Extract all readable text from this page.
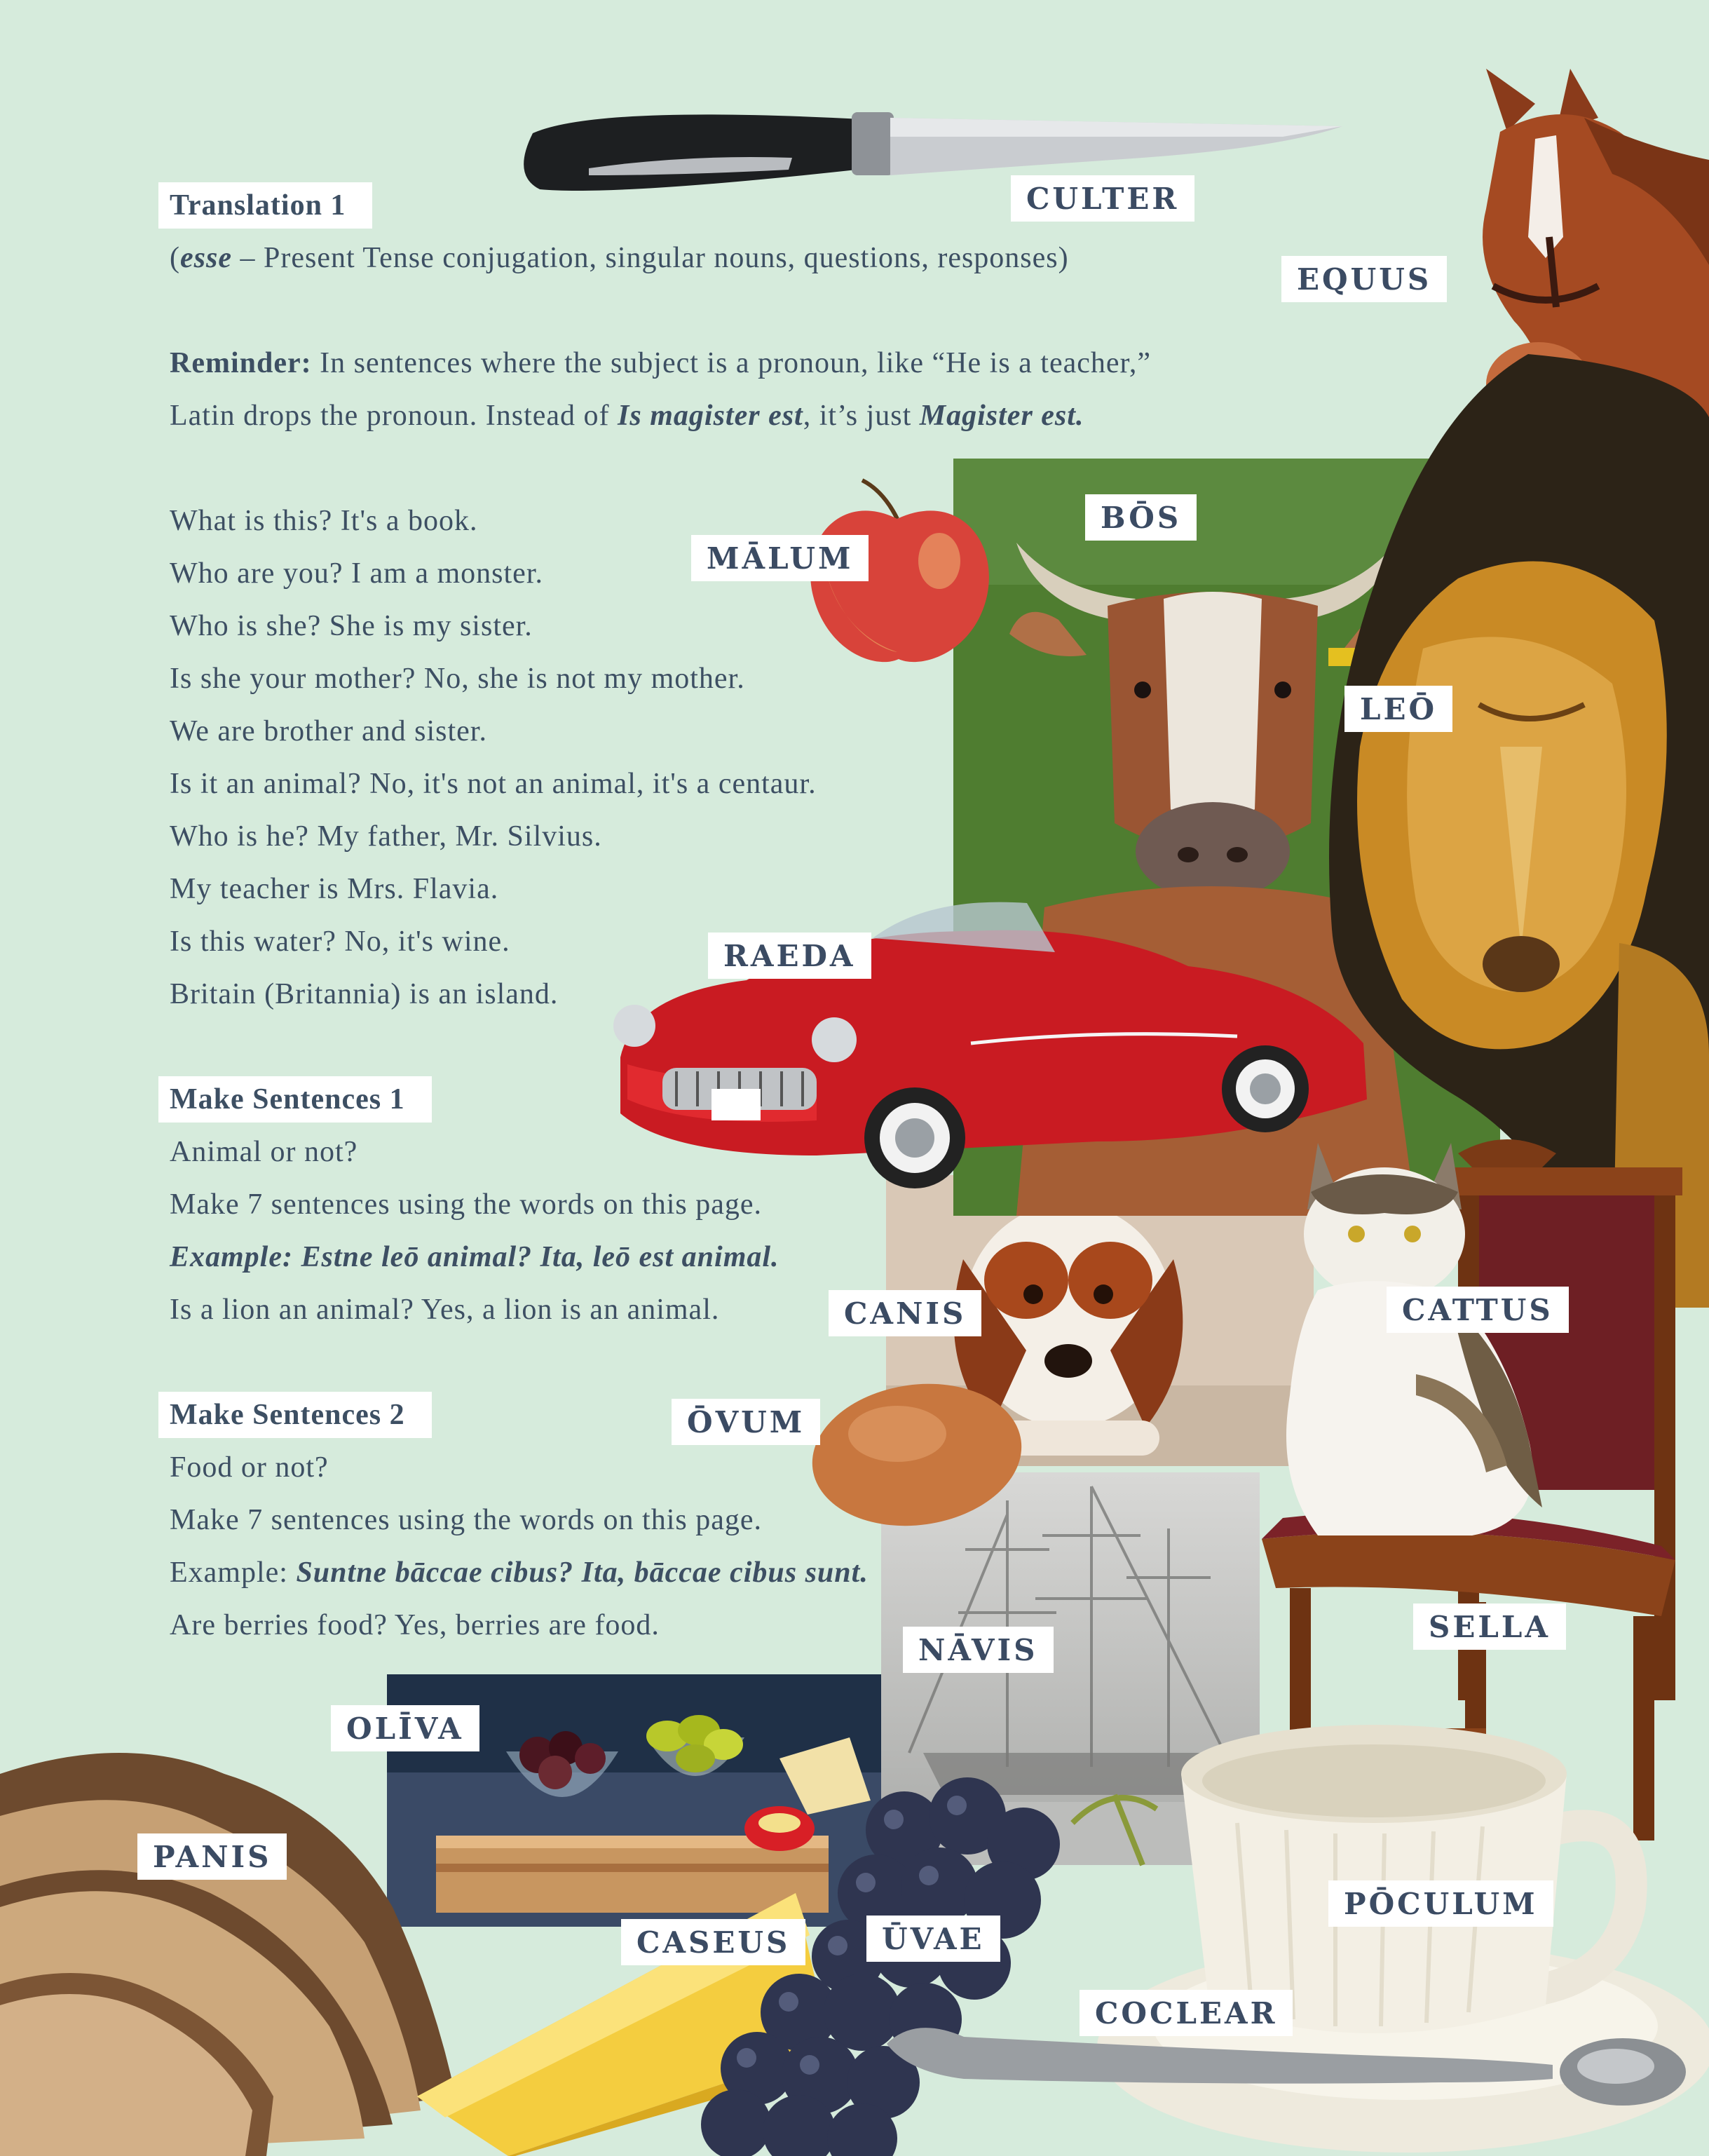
Translation 1
(esse – Present Tense conjugation, singular nouns, questions, responses)
Reminder: In sentences where the subject is a pronoun, like “He is a teacher,”
Latin drops the pronoun. Instead of Is magister est, it’s just Magister est.
What is this? It's a book.
Who are you? I am a monster.
Who is she? She is my sister.
Is she your mother? No, she is not my mother.
We are brother and sister.
Is it an animal? No, it's not an animal, it's a centaur.
Who is he? My father, Mr. Silvius.
My teacher is Mrs. Flavia.
Is this water? No, it's wine.
Britain (Britannia) is an island.
Make Sentences 1
Animal or not?
Make 7 sentences using the words on this page.
Example: Estne leō animal? Ita, leō est animal.
Is a lion an animal? Yes, a lion is an animal.
Make Sentences 2
Food or not?
Make 7 sentences using the words on this page.
Example: Suntne bāccae cibus? Ita, bāccae cibus sunt.
Are berries food? Yes, berries are food.
CULTER
EQUUS
BŌS
MĀLUM
LEŌ
RAEDA
CANIS	CATTUS
ŌVUM
SELLA
NĀVIS
OLĪVA
PANIS
PŌCULUM
CASEUS	ŪVAE
COCLEAR
